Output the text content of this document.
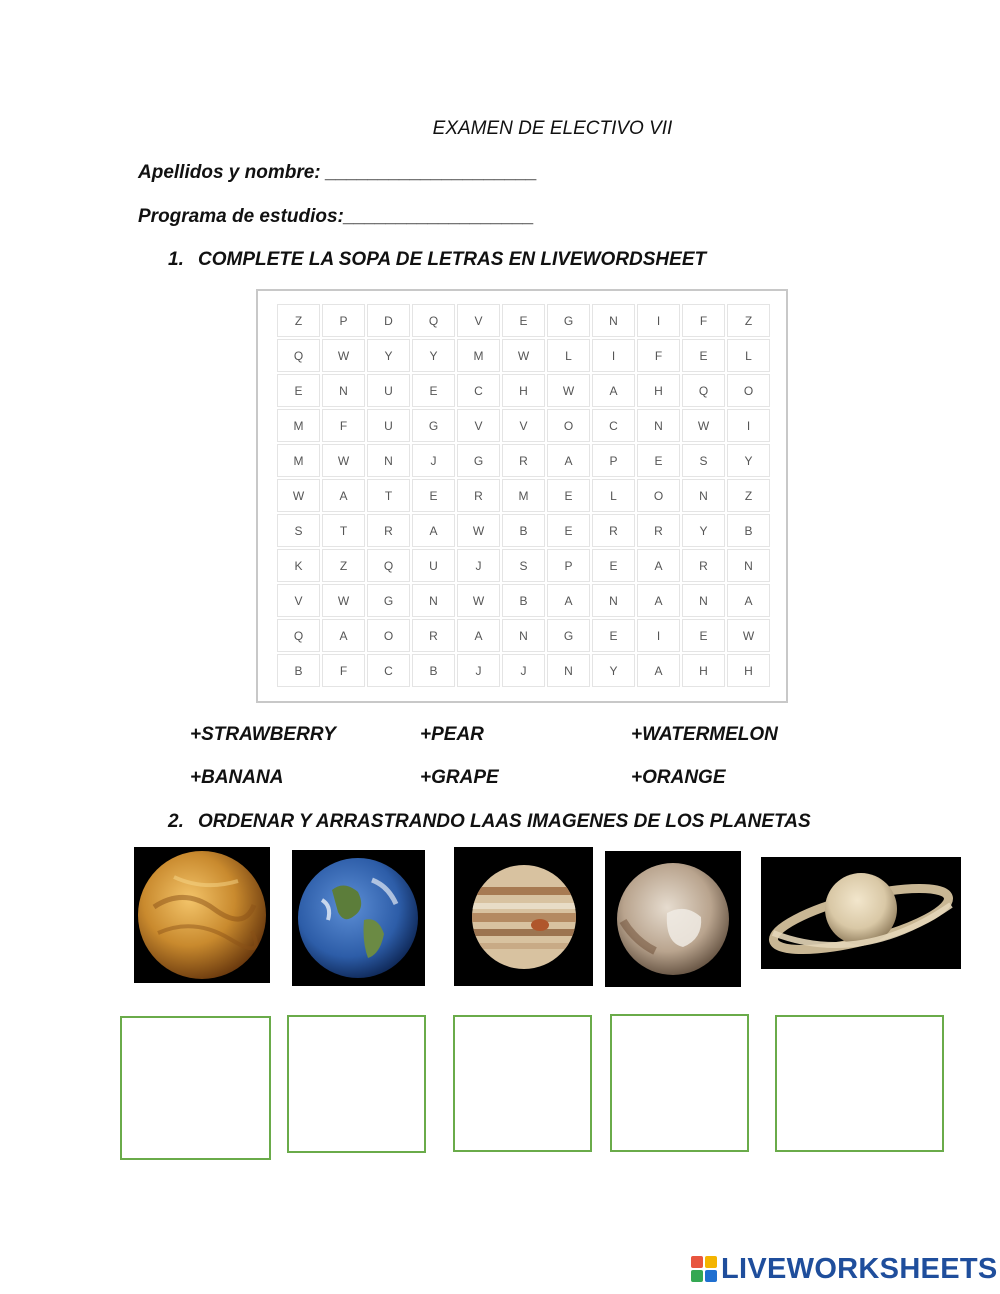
EXAMEN DE ELECTIVO VII
Apellidos y nombre: ____________________
Programa de estudios:__________________
1. COMPLETE LA SOPA DE LETRAS EN LIVEWORDSHEET
Z	P	D	Q	V	E	G	N	I	F	Z
Q	W	Y	Y	M	W	L	I	F	E	L
E	N	U	E	C	H	W	A	H	Q	O
M	F	U	G	V	V	O	C	N	W	I
M	W	N	J	G	R	A	P	E	S	Y
W	A	T	E	R	M	E	L	O	N	Z
S	T	R	A	W	B	E	R	R	Y	B
K	Z	Q	U	J	S	P	E	A	R	N
V	W	G	N	W	B	A	N	A	N	A
Q	A	O	R	A	N	G	E	I	E	W
B	F	C	B	J	J	N	Y	A	H	H
+STRAWBERRY	+PEAR	+WATERMELON
+BANANA	+GRAPE	+ORANGE
2. ORDENAR Y ARRASTRANDO LAAS IMAGENES DE LOS PLANETAS
LIVEWORKSHEETS
